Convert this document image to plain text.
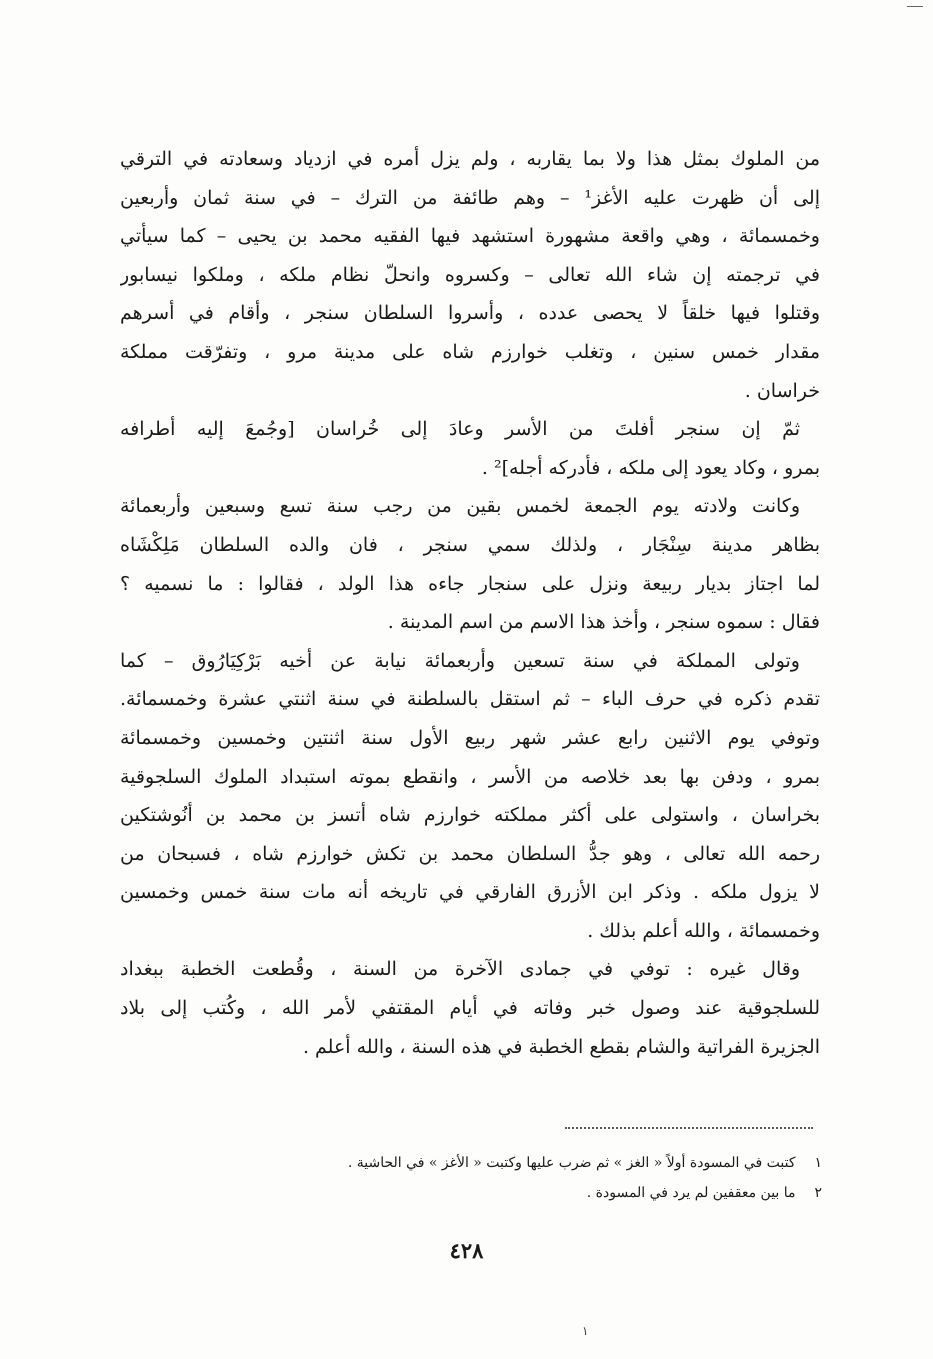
من الملوك بمثل هذا ولا بما يقاربه ، ولم يزل أمره في ازدياد وسعادته في الترقي
إلى أن ظهرت عليه الأغز¹ – وهم طائفة من الترك – في سنة ثمان وأربعين
وخمسمائة ، وهي واقعة مشهورة استشهد فيها الفقيه محمد بن يحيى – كما سيأتي
في ترجمته إن شاء الله تعالى – وكسروه وانحلّ نظام ملكه ، وملكوا نيسابور
وقتلوا فيها خلقاً لا يحصى عدده ، وأسروا السلطان سنجر ، وأقام في أسرهم
مقدار خمس سنين ، وتغلب خوارزم شاه على مدينة مرو ، وتفرّقت مملكة
خراسان .
ثمّ إن سنجر أفلتَ من الأسر وعادَ إلى خُراسان [وجُمعَ إليه أطرافه
بمرو ، وكاد يعود إلى ملكه ، فأدركه أجله]² .
وكانت ولادته يوم الجمعة لخمس بقين من رجب سنة تسع وسبعين وأربعمائة
بظاهر مدينة سِنْجَار ، ولذلك سمي سنجر ، فان والده السلطان مَلِكْشَاه
لما اجتاز بديار ربيعة ونزل على سنجار جاءه هذا الولد ، فقالوا : ما نسميه ؟
فقال : سموه سنجر ، وأخذ هذا الاسم من اسم المدينة .
وتولى المملكة في سنة تسعين وأربعمائة نيابة عن أخيه بَرْكِيَارُوق – كما
تقدم ذكره في حرف الباء – ثم استقل بالسلطنة في سنة اثنتي عشرة وخمسمائة.
وتوفي يوم الاثنين رابع عشر شهر ربيع الأول سنة اثنتين وخمسين وخمسمائة
بمرو ، ودفن بها بعد خلاصه من الأسر ، وانقطع بموته استبداد الملوك السلجوقية
بخراسان ، واستولى على أكثر مملكته خوارزم شاه أتسز بن محمد بن أنُوشتكين
رحمه الله تعالى ، وهو جدُّ السلطان محمد بن تكش خوارزم شاه ، فسبحان من
لا يزول ملكه . وذكر ابن الأزرق الفارقي في تاريخه أنه مات سنة خمس وخمسين
وخمسمائة ، والله أعلم بذلك .
وقال غيره : توفي في جمادى الآخرة من السنة ، وقُطعت الخطبة ببغداد
للسلجوقية عند وصول خبر وفاته في أيام المقتفي لأمر الله ، وكُتب إلى بلاد
الجزيرة الفراتية والشام بقطع الخطبة في هذه السنة ، والله أعلم .
١ كتبت في المسودة أولاً « الغز » ثم ضرب عليها وكتبت « الأغز » في الحاشية .
٢ ما بين معقفين لم يرد في المسودة .
٤٢٨
۱
